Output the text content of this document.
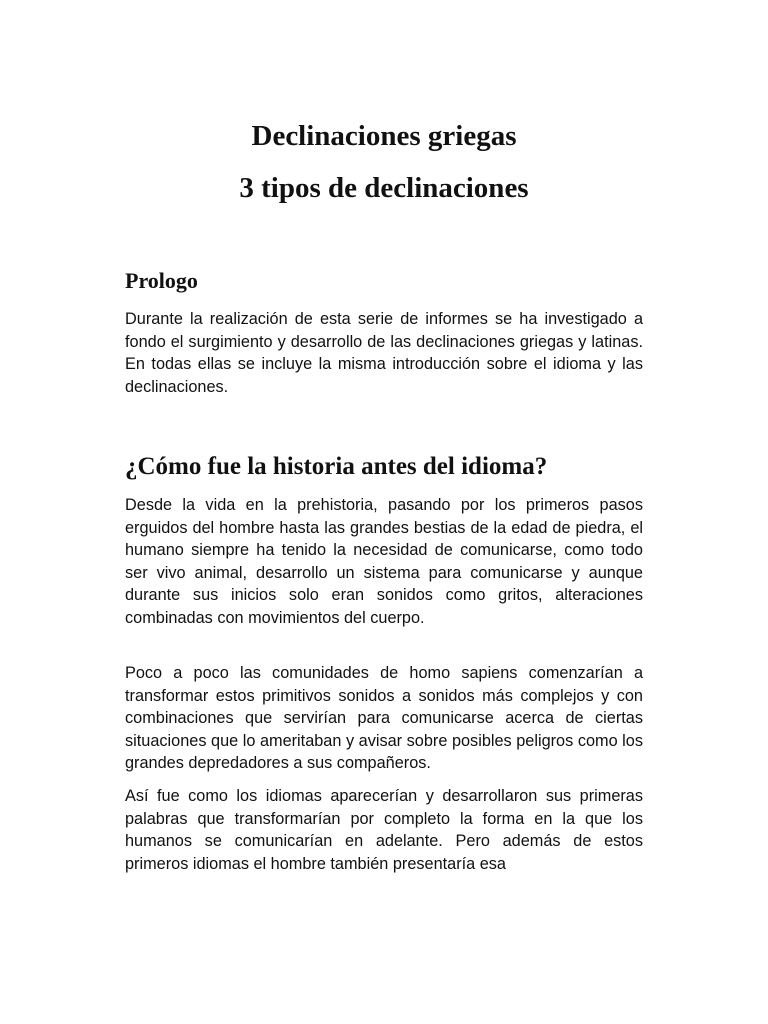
Declinaciones griegas
3 tipos de declinaciones
Prologo

Durante la realización de esta serie de informes se ha investigado a fondo el surgimiento y desarrollo de las declinaciones griegas y latinas. En todas ellas se incluye la misma introducción sobre el idioma y las declinaciones.

¿Cómo fue la historia antes del idioma?

Desde la vida en la prehistoria, pasando por los primeros pasos erguidos del hombre hasta las grandes bestias de la edad de piedra, el humano siempre ha tenido la necesidad de comunicarse, como todo ser vivo animal, desarrollo un sistema para comunicarse y aunque durante sus inicios solo eran sonidos como gritos, alteraciones combinadas con movimientos del cuerpo.

Poco a poco las comunidades de homo sapiens comenzarían a transformar estos primitivos sonidos a sonidos más complejos y con combinaciones que servirían para comunicarse acerca de ciertas situaciones que lo ameritaban y avisar sobre posibles peligros como los grandes depredadores a sus compañeros.

Así fue como los idiomas aparecerían y desarrollaron sus primeras palabras que transformarían por completo la forma en la que los humanos se comunicarían en adelante. Pero además de estos primeros idiomas el hombre también presentaría esa
